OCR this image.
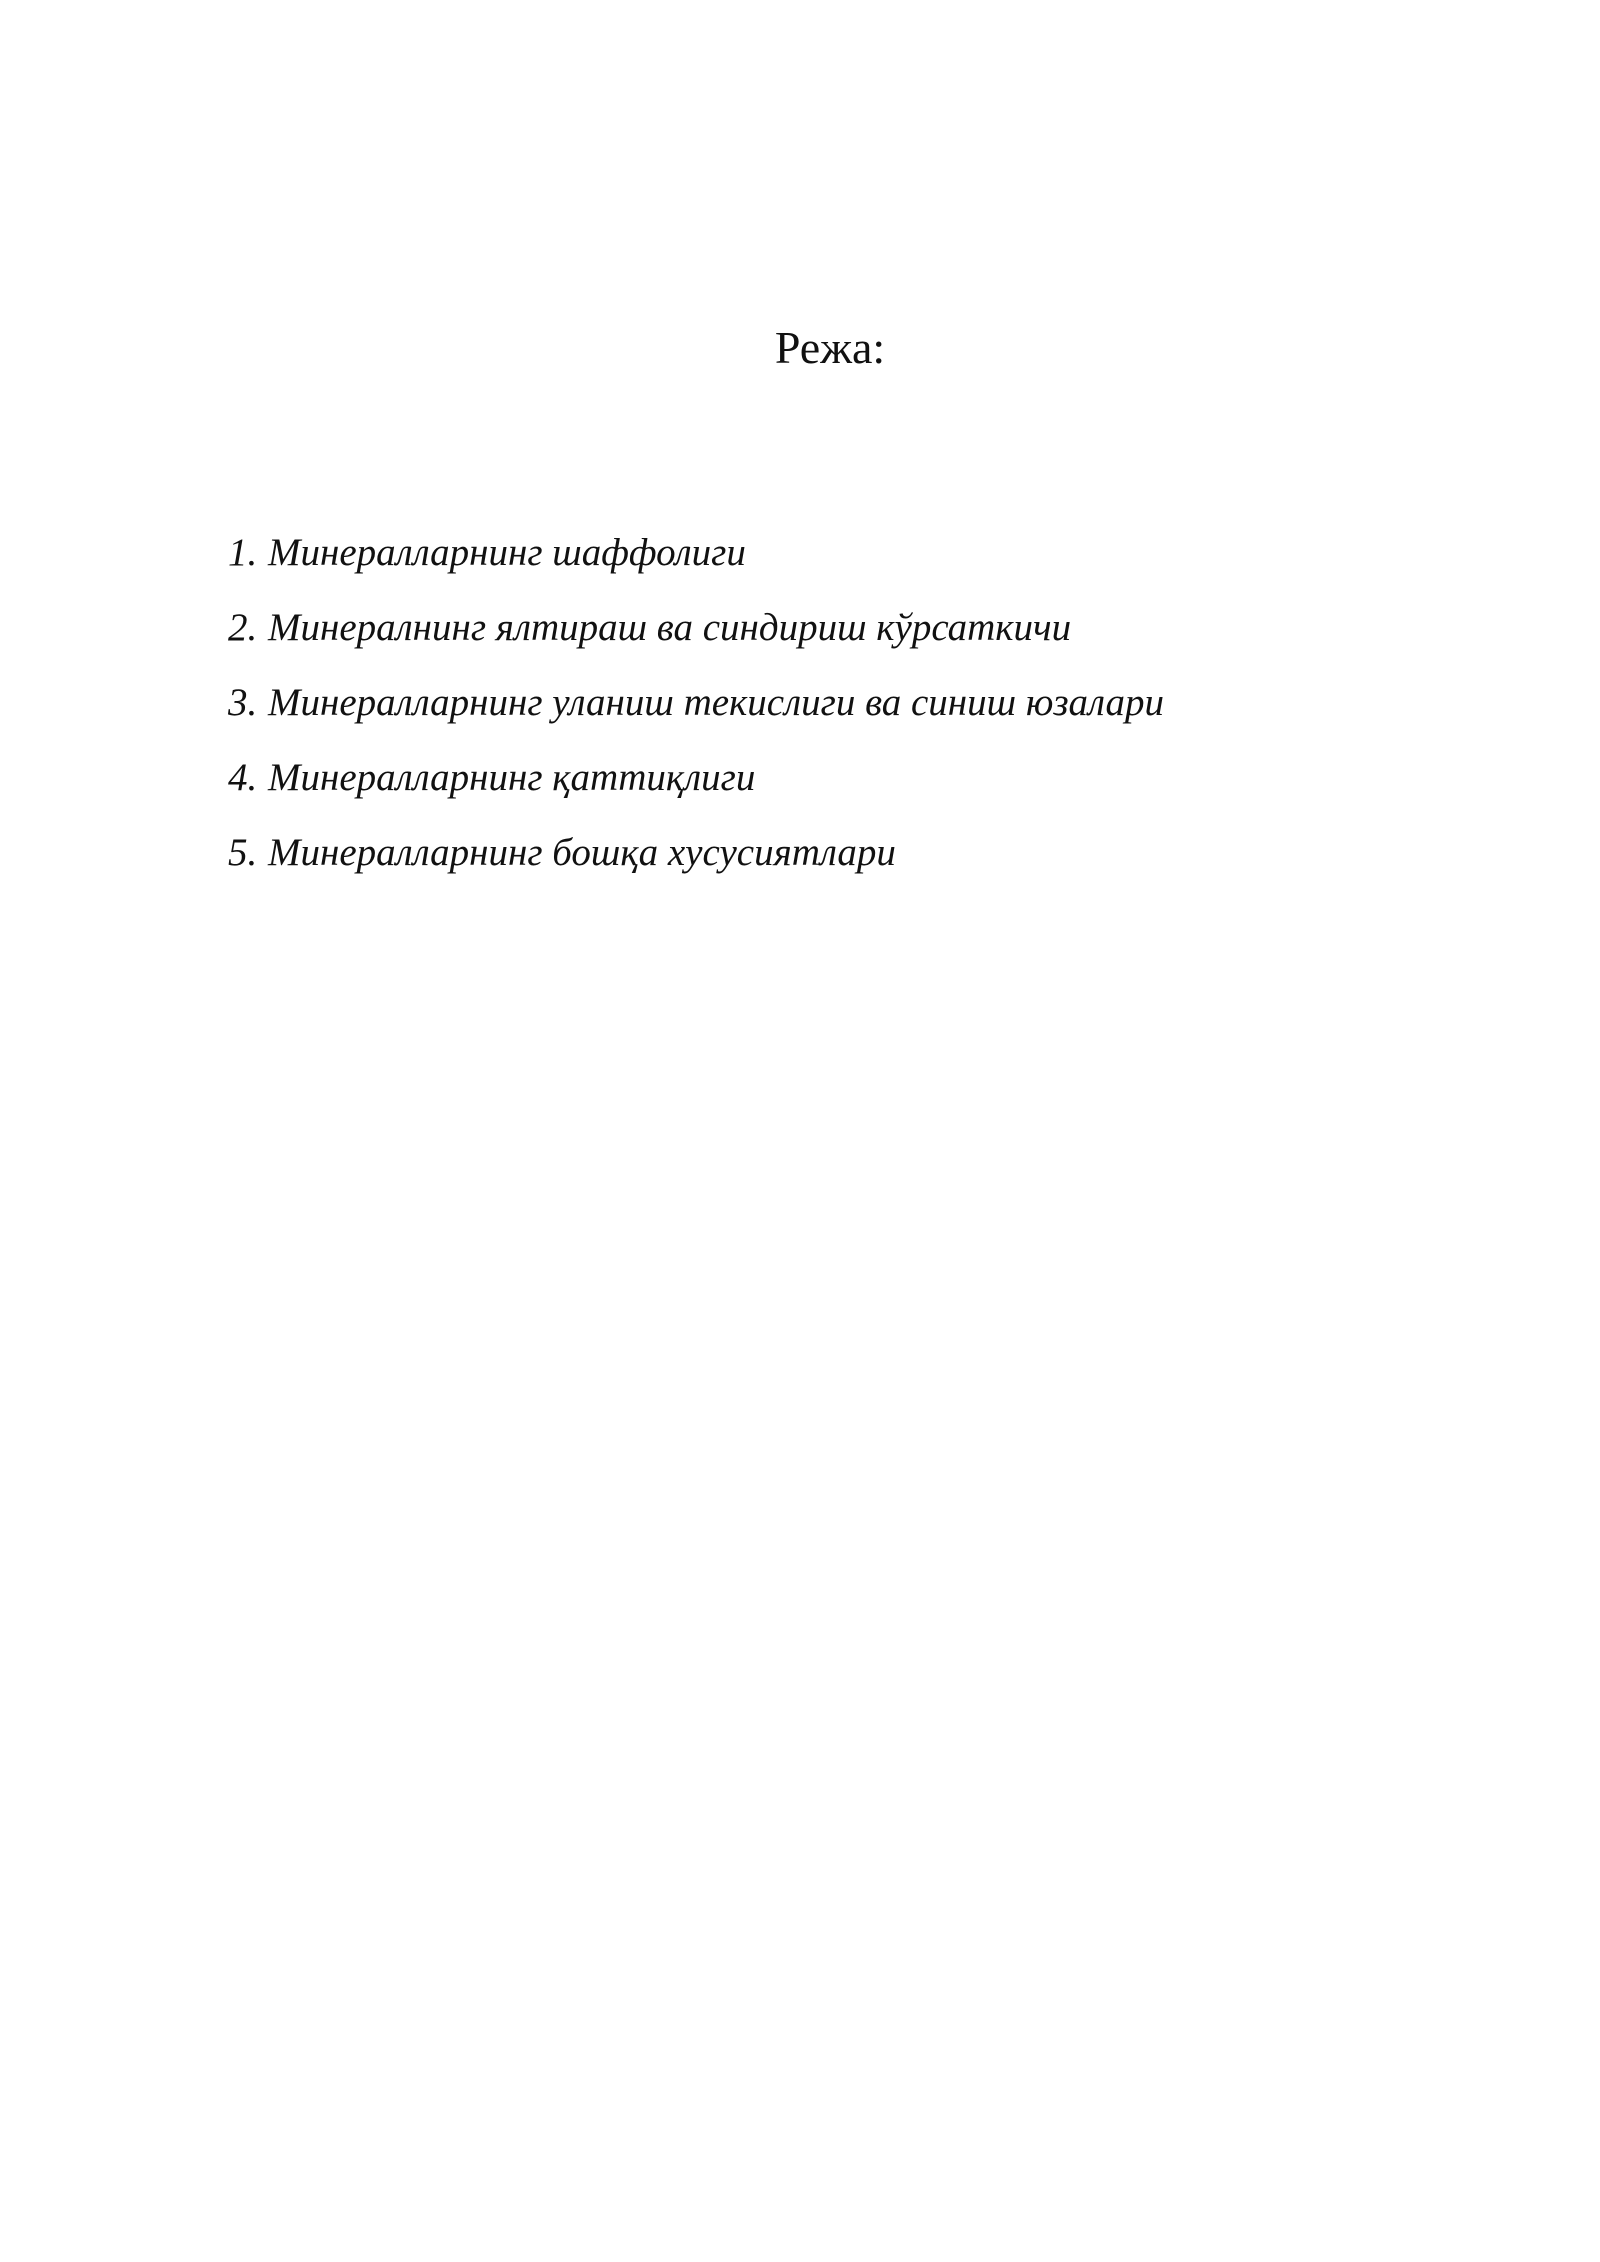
Режа:
1. Минералларнинг шаффолиги
2. Минералнинг ялтираш ва синдириш кўрсаткичи
3. Минералларнинг уланиш текислиги ва синиш юзалари
4. Минералларнинг қаттиқлиги
5. Минералларнинг бошқа хусусиятлари
